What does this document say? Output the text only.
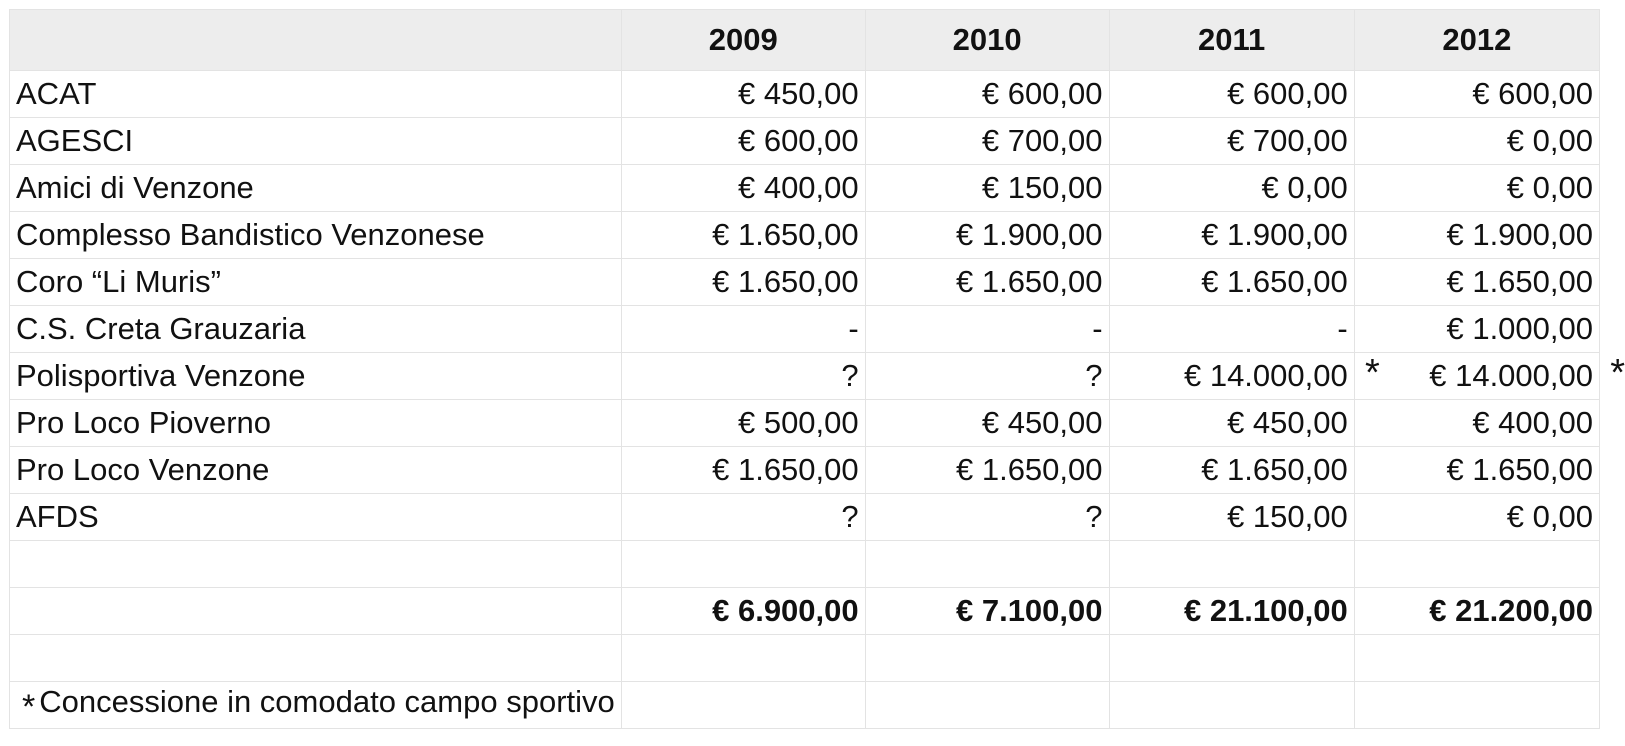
	2009	2010	2011	2012
ACAT	€ 450,00	€ 600,00	€ 600,00	€ 600,00
AGESCI	€ 600,00	€ 700,00	€ 700,00	€ 0,00
Amici di Venzone	€ 400,00	€ 150,00	€ 0,00	€ 0,00
Complesso Bandistico Venzonese	€ 1.650,00	€ 1.900,00	€ 1.900,00	€ 1.900,00
Coro “Li Muris”	€ 1.650,00	€ 1.650,00	€ 1.650,00	€ 1.650,00
C.S. Creta Grauzaria	-	-	-	€ 1.000,00
Polisportiva Venzone	?	?	€ 14.000,00 *	€ 14.000,00 *

Pro Loco Pioverno	€ 500,00	€ 450,00	€ 450,00	€ 400,00
Pro Loco Venzone	€ 1.650,00	€ 1.650,00	€ 1.650,00	€ 1.650,00
AFDS	?	?	€ 150,00	€ 0,00

	€ 6.900,00	€ 7.100,00	€ 21.100,00	€ 21.200,00

* Concessione in comodato campo sportivo				
